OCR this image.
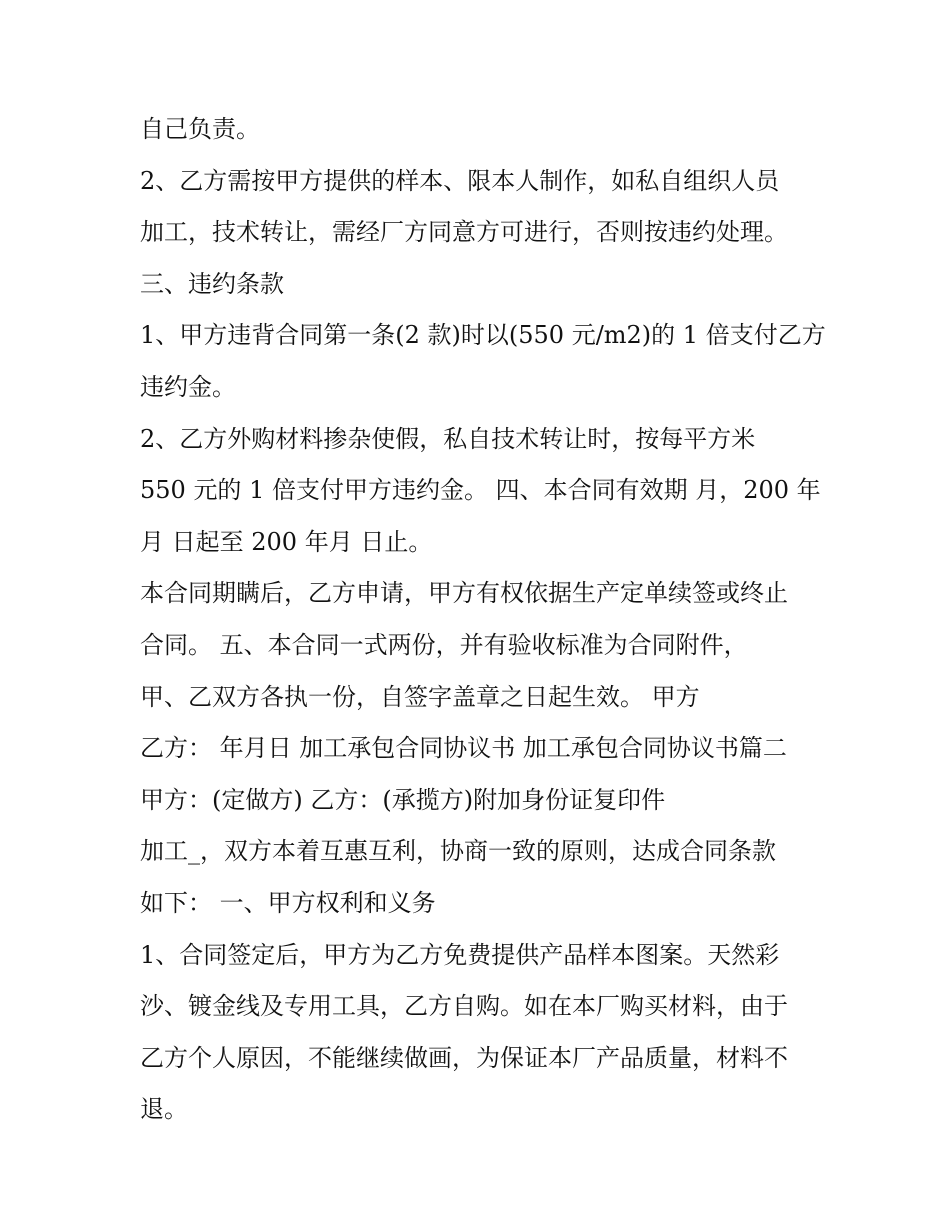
自己负责。
2、乙方需按甲方提供的样本、限本人制作，如私自组织人员
加工，技术转让，需经厂方同意方可进行，否则按违约处理。
三、违约条款
1、甲方违背合同第一条(2 款)时以(550 元/m2)的 1 倍支付乙方
违约金。
2、乙方外购材料掺杂使假，私自技术转让时，按每平方米
550 元的 1 倍支付甲方违约金。 四、本合同有效期 月，200 年
月 日起至 200 年月 日止。
本合同期瞒后，乙方申请，甲方有权依据生产定单续签或终止
合同。 五、本合同一式两份，并有验收标准为合同附件，
甲、乙双方各执一份，自签字盖章之日起生效。 甲方
乙方： 年月日 加工承包合同协议书 加工承包合同协议书篇二
甲方：(定做方) 乙方：(承揽方)附加身份证复印件
加工_，双方本着互惠互利，协商一致的原则，达成合同条款
如下： 一、甲方权利和义务
1、合同签定后，甲方为乙方免费提供产品样本图案。天然彩
沙、镀金线及专用工具，乙方自购。如在本厂购买材料，由于
乙方个人原因，不能继续做画，为保证本厂产品质量，材料不
退。
